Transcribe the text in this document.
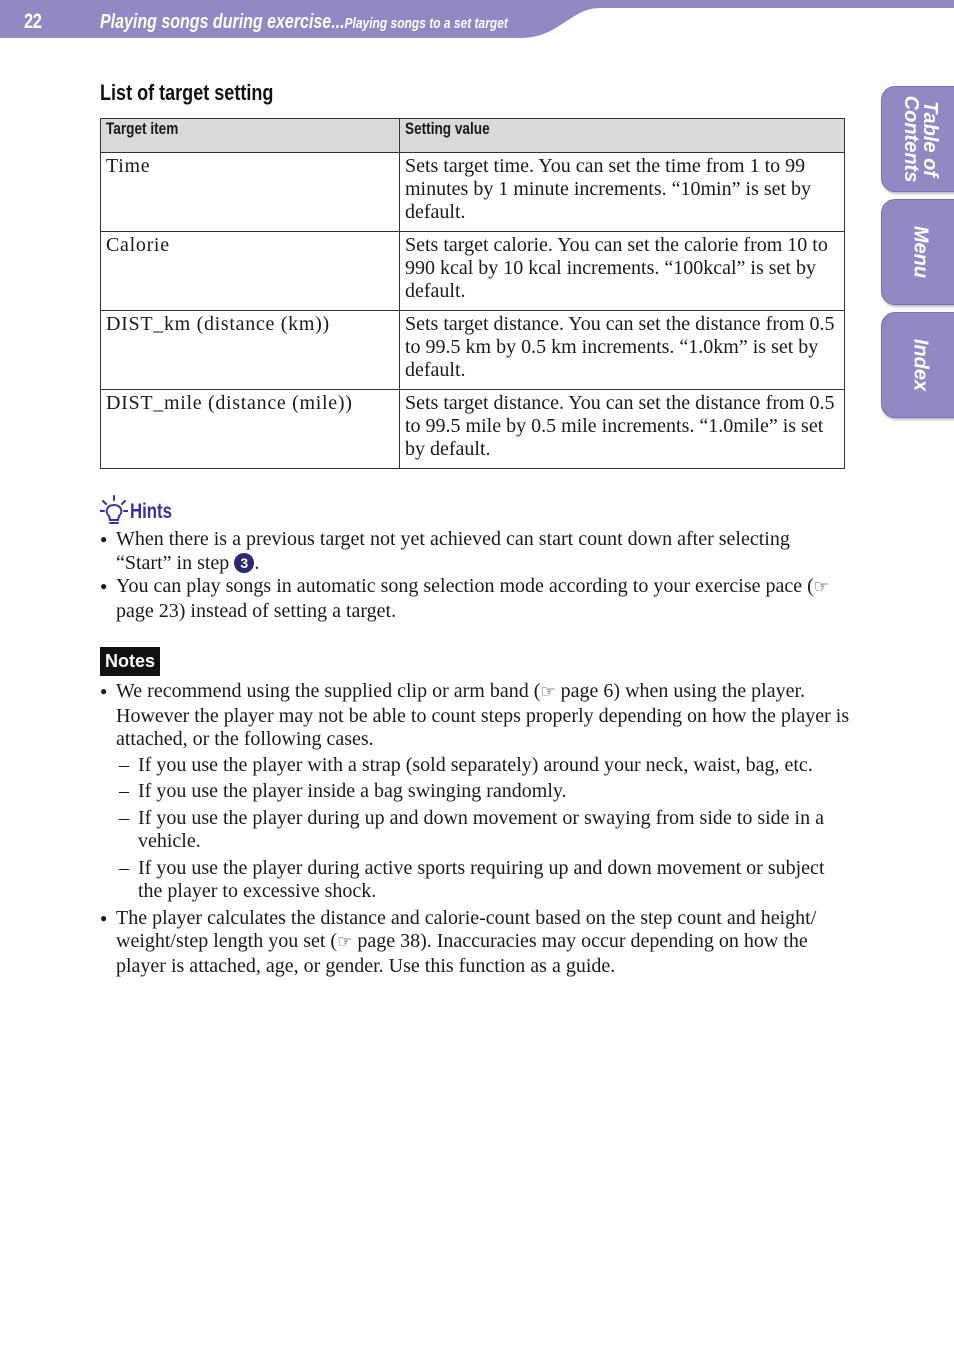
22	Playing songs during exercise...Playing songs to a set target
List of target setting
Target item	Setting value
Time	Sets target time. You can set the time from 1 to 99 minutes by 1 minute increments. “10min” is set by default.
Calorie	Sets target calorie. You can set the calorie from 10 to 990 kcal by 10 kcal increments. “100kcal” is set by default.
DIST_km (distance (km))	Sets target distance. You can set the distance from 0.5 to 99.5 km by 0.5 km increments. “1.0km” is set by default.
DIST_mile (distance (mile))	Sets target distance. You can set the distance from 0.5 to 99.5 mile by 0.5 mile increments. “1.0mile” is set by default.
Hints
● When there is a previous target not yet achieved can start count down after selecting “Start” in step 3 .
● You can play songs in automatic song selection mode according to your exercise pace (☞ page 23) instead of setting a target.
Notes
● We recommend using the supplied clip or arm band (☞ page 6) when using the player. However the player may not be able to count steps properly depending on how the player is attached, or the following cases.
– If you use the player with a strap (sold separately) around your neck, waist, bag, etc.
– If you use the player inside a bag swinging randomly.
– If you use the player during up and down movement or swaying from side to side in a vehicle.
– If you use the player during active sports requiring up and down movement or subject the player to excessive shock.
● The player calculates the distance and calorie-count based on the step count and height/ weight/step length you set (☞ page 38). Inaccuracies may occur depending on how the player is attached, age, or gender. Use this function as a guide.
Table of
Contents
Menu
Index
